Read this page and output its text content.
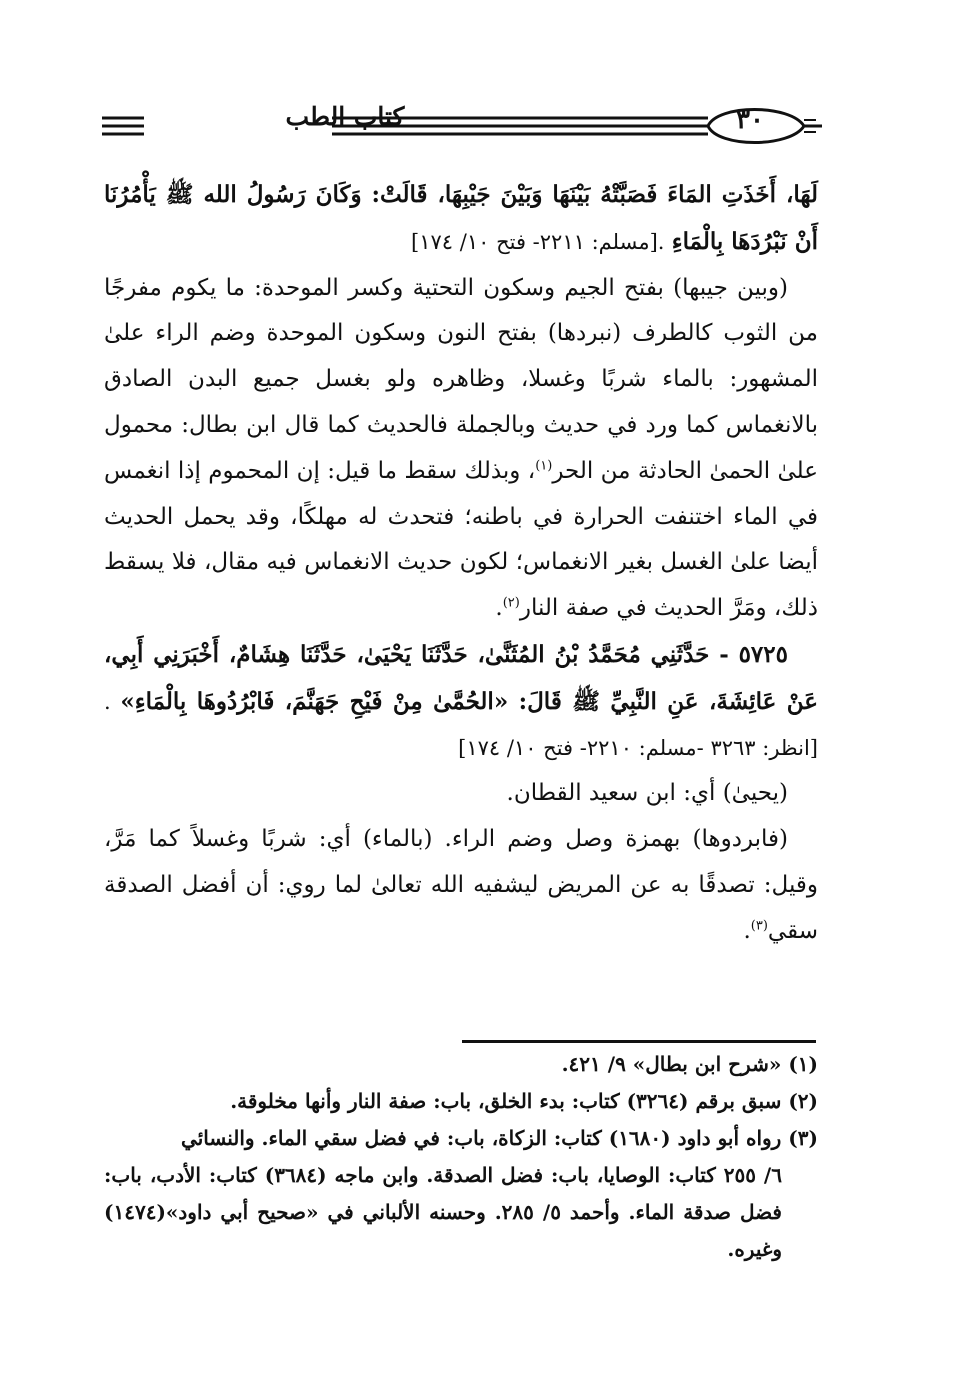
كتاب الطب	٣٠

لَهَا، أَخَذَتِ المَاءَ فَصَبَّتْهُ بَيْنَهَا وَبَيْنَ جَيْبِهَا، قَالَتْ: وَكَانَ رَسُولُ الله ﷺ يَأْمُرُنَا أَنْ نَبْرُدَهَا بِالْمَاءِ .[مسلم: ٢٢١١- فتح ١٠/ ١٧٤]

(وبين جيبها) بفتح الجيم وسكون التحتية وكسر الموحدة: ما يكوم مفرجًا من الثوب كالطرف (نبردها) بفتح النون وسكون الموحدة وضم الراء علىٰ المشهور: بالماء شربًا وغسلا، وظاهره ولو بغسل جميع البدن الصادق بالانغماس كما ورد في حديث وبالجملة فالحديث كما قال ابن بطال: محمول علىٰ الحمىٰ الحادثة من الحر$^{(١)}$، وبذلك سقط ما قيل: إن المحموم إذا انغمس في الماء اختنفت الحرارة في باطنه؛ فتحدث له مهلكًا، وقد يحمل الحديث أيضا علىٰ الغسل بغير الانغماس؛ لكون حديث الانغماس فيه مقال، فلا يسقط ذلك، ومَرَّ الحديث في صفة النار$^{(٢)}$.

٥٧٢٥ - حَدَّثَنِي مُحَمَّدُ بْنُ المُثَنَّىٰ، حَدَّثَنَا يَحْيَىٰ، حَدَّثَنَا هِشَامٌ، أَخْبَرَنِي أَبِي، عَنْ عَائِشَةَ، عَنِ النَّبِيِّ ﷺ قَالَ: «الحُمَّىٰ مِنْ فَيْحِ جَهَنَّمَ، فَابْرُدُوهَا بِالْمَاءِ» .[انظر: ٣٢٦٣ -مسلم: ٢٢١٠- فتح ١٠/ ١٧٤]

(يحيىٰ) أي: ابن سعيد القطان.

(فابردوها) بهمزة وصل وضم الراء. (بالماء) أي: شربًا وغسلاً كما مَرَّ، وقيل: تصدقًا به عن المريض ليشفيه الله تعالىٰ لما روي: أن أفضل الصدقة سقي$^{(٣)}$.

(١) «شرح ابن بطال» ٩/ ٤٢١.

(٢) سبق برقم (٣٢٦٤) كتاب: بدء الخلق، باب: صفة النار وأنها مخلوقة.

(٣) رواه أبو داود (١٦٨٠) كتاب: الزكاة، باب: في فضل سقي الماء. والنسائي

٦/ ٢٥٥ كتاب: الوصايا، باب: فضل الصدقة. وابن ماجه (٣٦٨٤) كتاب: الأدب، باب: فضل صدقة الماء. وأحمد ٥/ ٢٨٥. وحسنه الألباني في «صحيح أبي داود»(١٤٧٤) وغيره.
